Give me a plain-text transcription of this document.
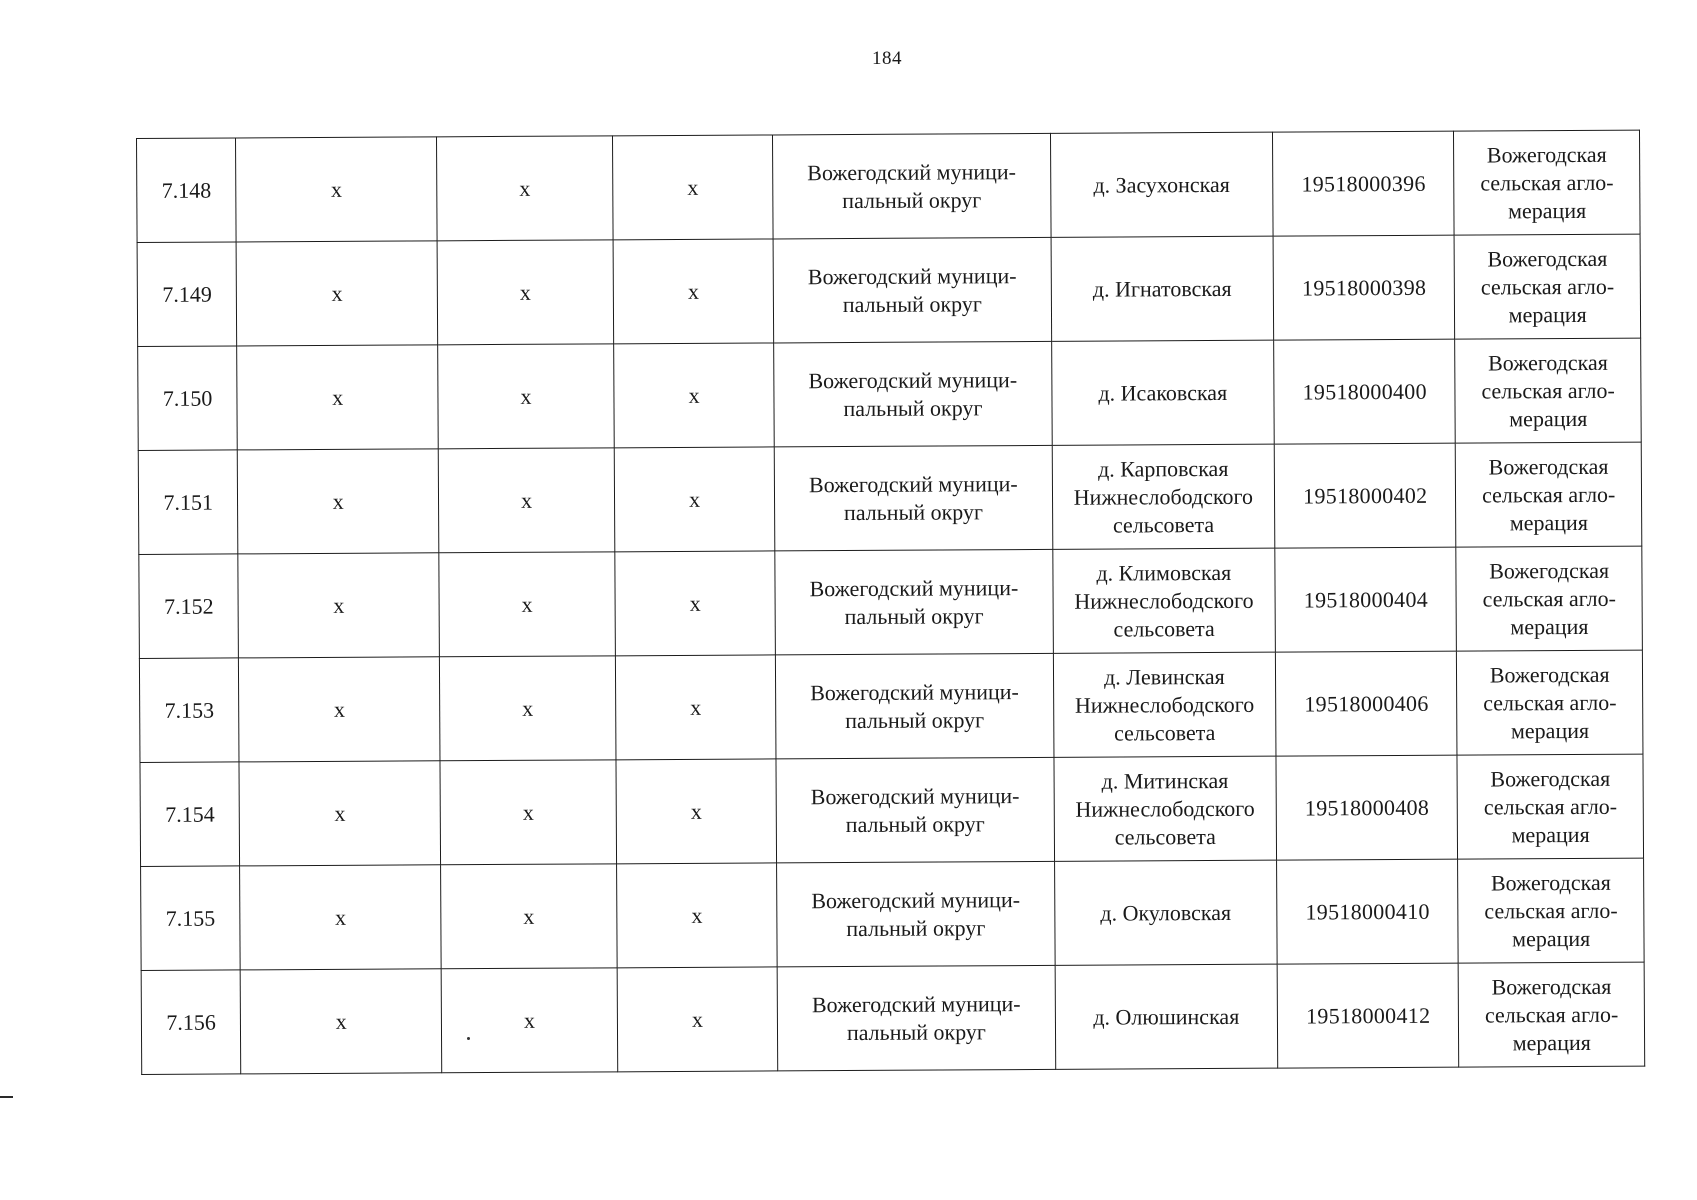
184
7.148	x	x	x	Вожегодский муници-
пальный округ	д. Засухонская	19518000396	Вожегодская
сельская агло-
мерация
7.149	x	x	x	Вожегодский муници-
пальный округ	д. Игнатовская	19518000398	Вожегодская
сельская агло-
мерация
7.150	x	x	x	Вожегодский муници-
пальный округ	д. Исаковская	19518000400	Вожегодская
сельская агло-
мерация
7.151	x	x	x	Вожегодский муници-
пальный округ	д. Карповская
Нижнеслободского
сельсовета	19518000402	Вожегодская
сельская агло-
мерация
7.152	x	x	x	Вожегодский муници-
пальный округ	д. Климовская
Нижнеслободского
сельсовета	19518000404	Вожегодская
сельская агло-
мерация
7.153	x	x	x	Вожегодский муници-
пальный округ	д. Левинская
Нижнеслободского
сельсовета	19518000406	Вожегодская
сельская агло-
мерация
7.154	x	x	x	Вожегодский муници-
пальный округ	д. Митинская
Нижнеслободского
сельсовета	19518000408	Вожегодская
сельская агло-
мерация
7.155	x	x	x	Вожегодский муници-
пальный округ	д. Окуловская	19518000410	Вожегодская
сельская агло-
мерация
7.156	x	x	x	Вожегодский муници-
пальный округ	д. Олюшинская	19518000412	Вожегодская
сельская агло-
мерация
